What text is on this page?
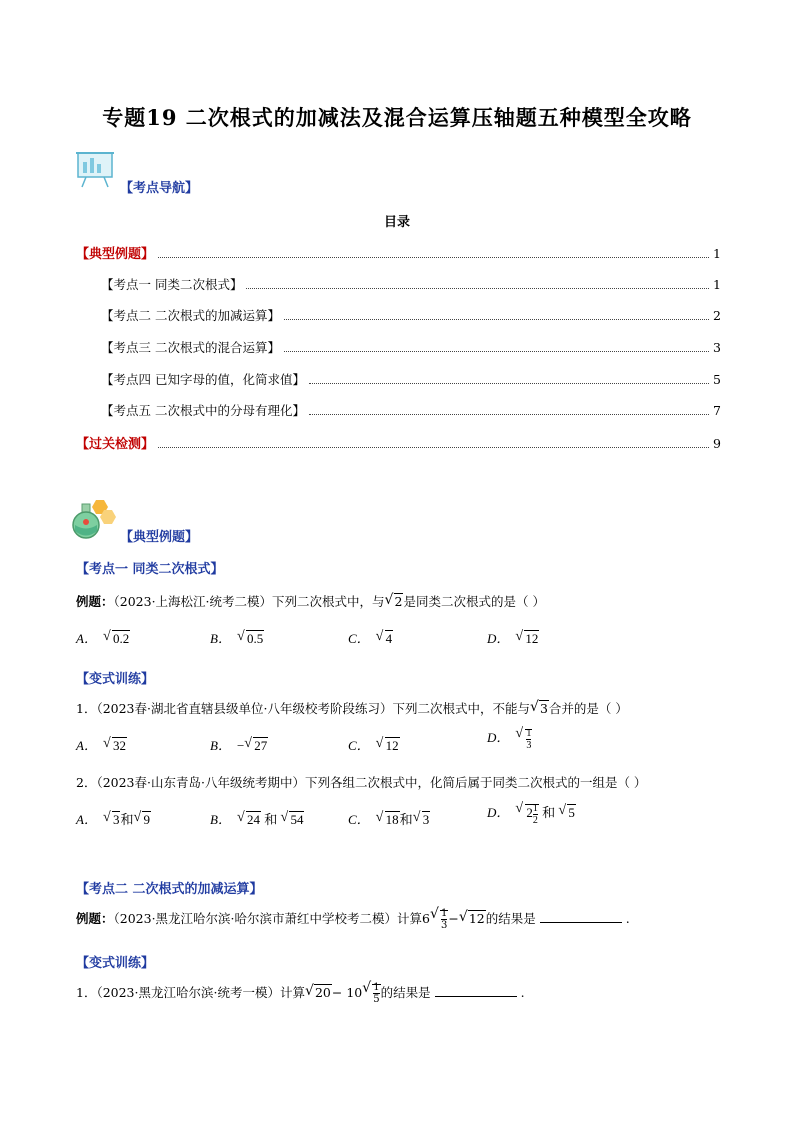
专题19 二次根式的加减法及混合运算压轴题五种模型全攻略
【考点导航】
目录
【典型例题】	1
【考点一 同类二次根式】	1
【考点二 二次根式的加减运算】	2
【考点三 二次根式的混合运算】	3
【考点四 已知字母的值，化简求值】	5
【考点五 二次根式中的分母有理化】	7
【过关检测】	9
【典型例题】
【考点一 同类二次根式】
例题：（2023·上海松江·统考二模）下列二次根式中，与 √ 2是同类二次根式的是（ ）
A． √ 0.2	B． √ 0.5	C． √ 4	D． √ 12
【变式训练】
1．（2023春·湖北省直辖县级单位·八年级校考阶段练习）下列二次根式中，不能与 √ 3合并的是（ ）
A． √ 32	B． − √ 27	C． √ 12
D． √ $\frac{1}{3}$
2．（2023春·山东青岛·八年级统考期中）下列各组二次根式中，化简后属于同类二次根式的一组是（ ）
A． √ 3和 √ 9	B． √ 24 和 √ 54	C． √ 18和 √ 3	D． √ $2 \frac{1}{2}$ 和 √ 5
【考点二 二次根式的加减运算】
例题：（2023·黑龙江哈尔滨·哈尔滨市萧红中学校考二模）计算6 √ $\frac{1}{3}$ − √ 12的结果是	.
【变式训练】
1．（2023·黑龙江哈尔滨·统考一模）计算 √ 20− 10 √ $\frac{1}{5}$ 的结果是	.
